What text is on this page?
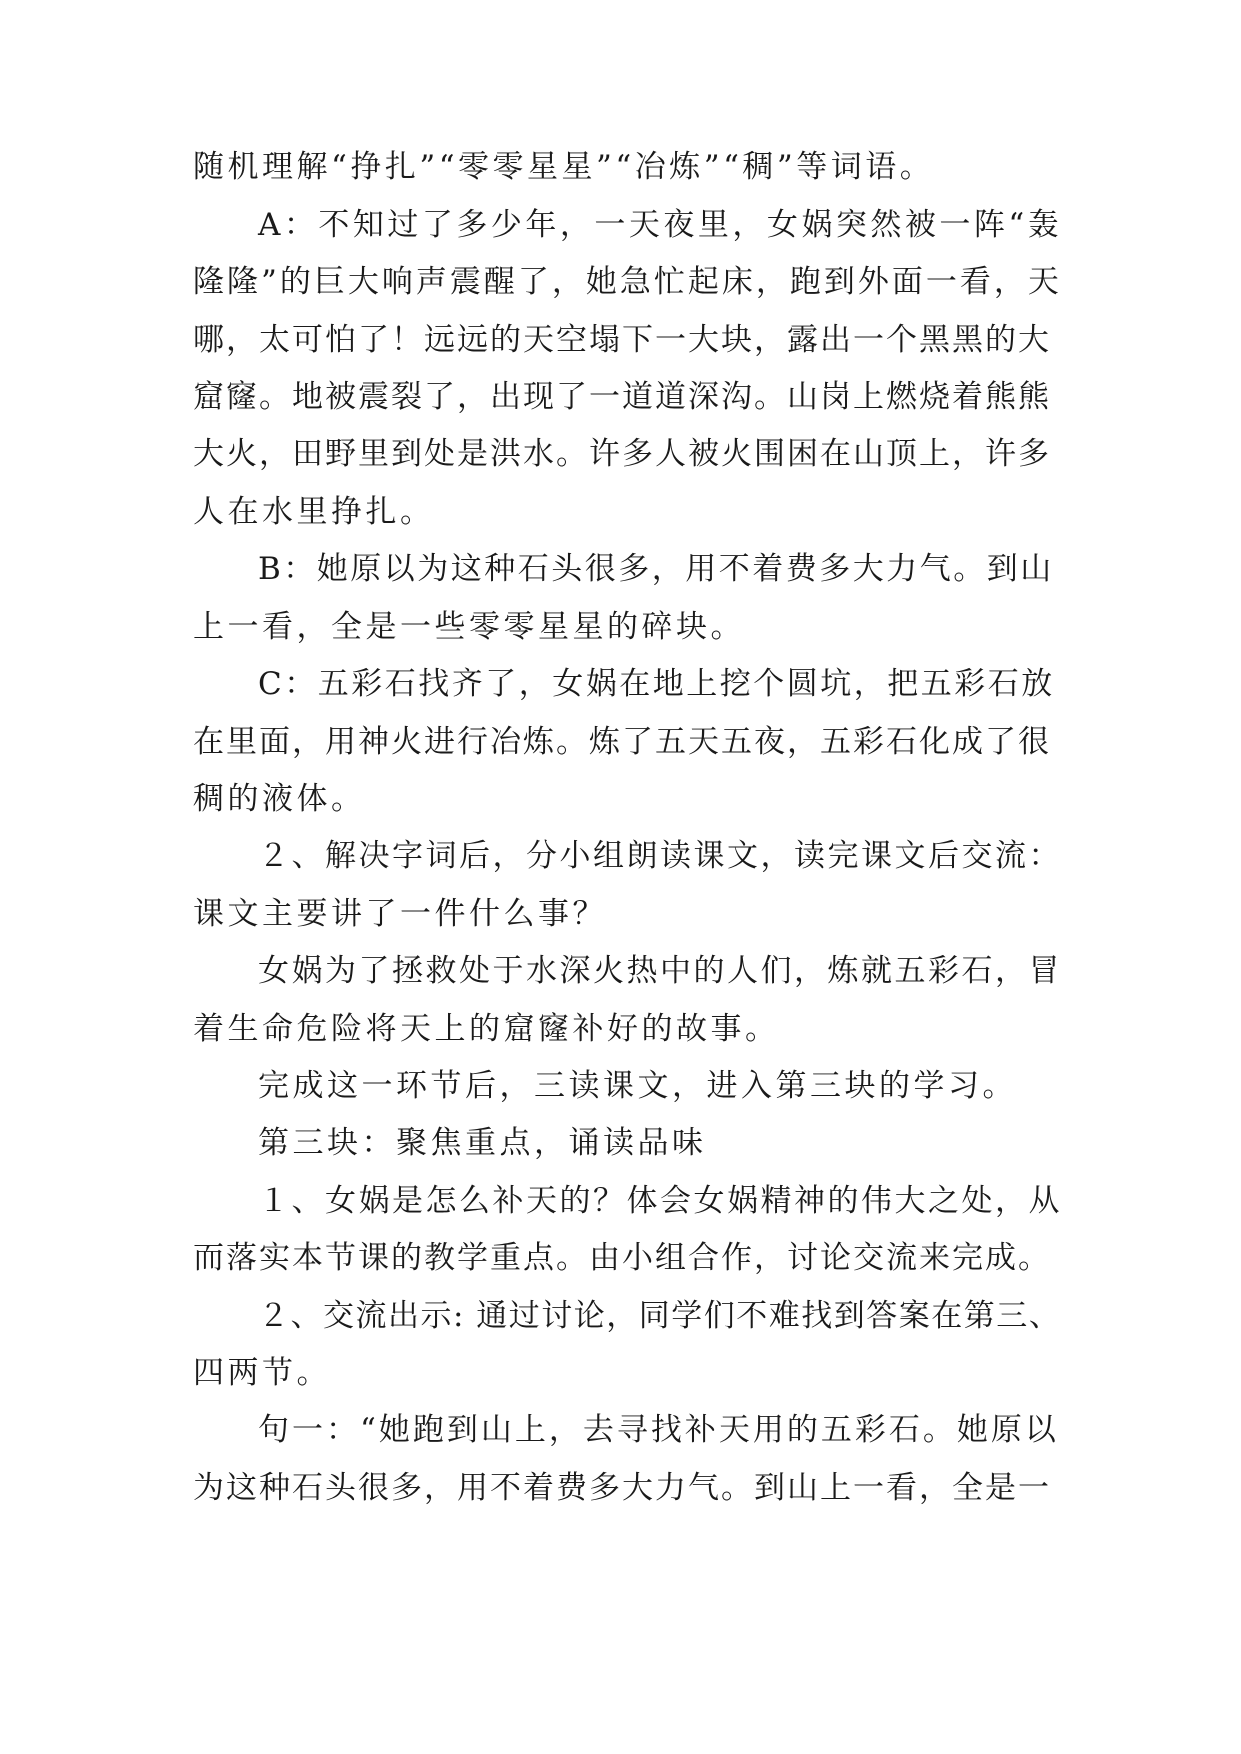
随机理解“挣扎”“零零星星”“冶炼”“稠”等词语。
A：不知过了多少年，一天夜里，女娲突然被一阵“轰
隆隆”的巨大响声震醒了，她急忙起床，跑到外面一看，天
哪，太可怕了！远远的天空塌下一大块，露出一个黑黑的大
窟窿。地被震裂了，出现了一道道深沟。山岗上燃烧着熊熊
大火，田野里到处是洪水。许多人被火围困在山顶上，许多
人在水里挣扎。
B：她原以为这种石头很多，用不着费多大力气。到山
上一看，全是一些零零星星的碎块。
C：五彩石找齐了，女娲在地上挖个圆坑，把五彩石放
在里面，用神火进行冶炼。炼了五天五夜，五彩石化成了很
稠的液体。
２、解决字词后，分小组朗读课文，读完课文后交流：
课文主要讲了一件什么事？
女娲为了拯救处于水深火热中的人们，炼就五彩石，冒
着生命危险将天上的窟窿补好的故事。
完成这一环节后，三读课文，进入第三块的学习。
第三块：聚焦重点，诵读品味
１、女娲是怎么补天的？体会女娲精神的伟大之处，从
而落实本节课的教学重点。由小组合作，讨论交流来完成。
２、交流出示: 通过讨论，同学们不难找到答案在第三、
四两节。
句一：“她跑到山上，去寻找补天用的五彩石。她原以
为这种石头很多，用不着费多大力气。到山上一看，全是一
